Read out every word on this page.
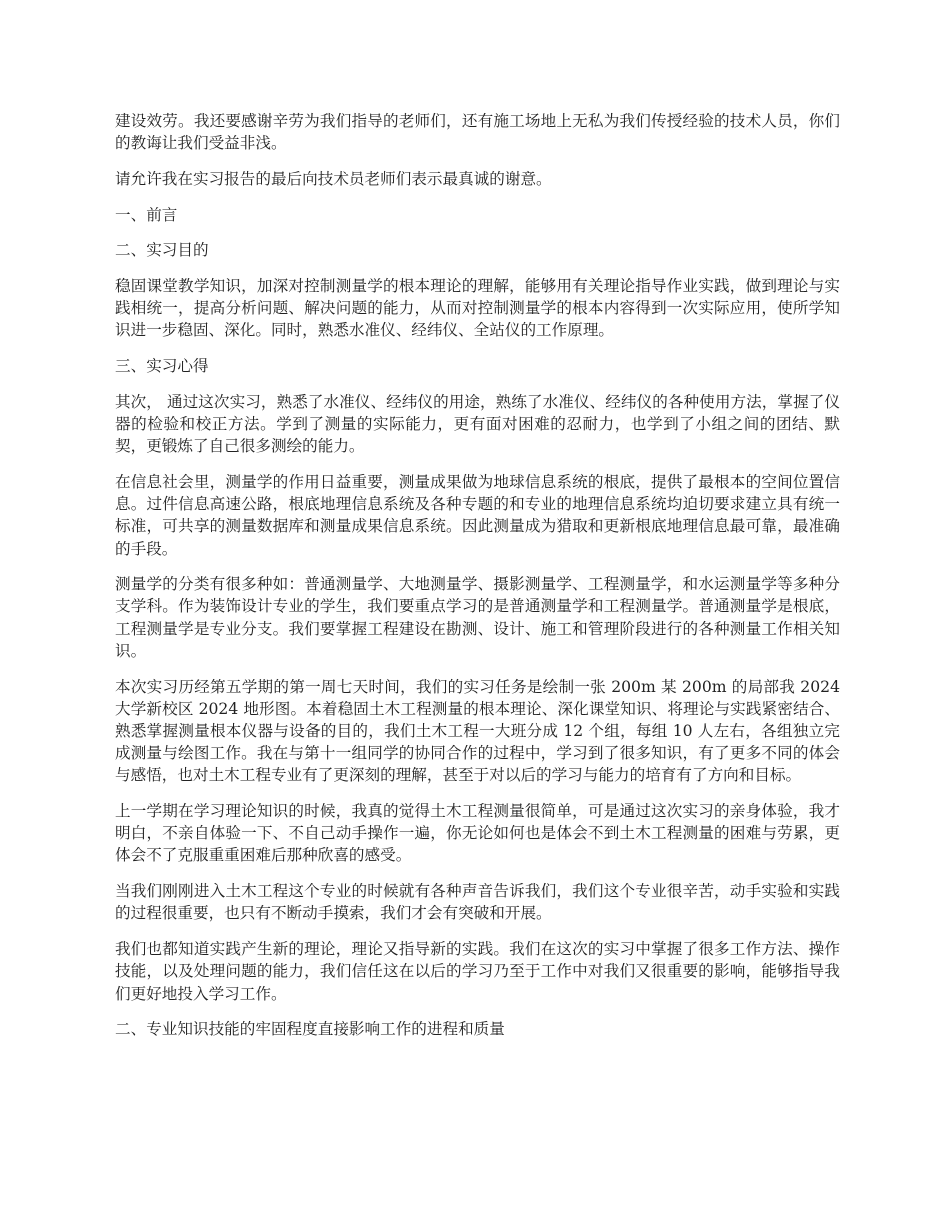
建设效劳。我还要感谢辛劳为我们指导的老师们，还有施工场地上无私为我们传授经验的技术人员，你们的教诲让我们受益非浅。

请允许我在实习报告的最后向技术员老师们表示最真诚的谢意。

一、前言

二、实习目的

稳固课堂教学知识，加深对控制测量学的根本理论的理解，能够用有关理论指导作业实践，做到理论与实践相统一，提高分析问题、解决问题的能力，从而对控制测量学的根本内容得到一次实际应用，使所学知识进一步稳固、深化。同时，熟悉水准仪、经纬仪、全站仪的工作原理。

三、实习心得

其次， 通过这次实习，熟悉了水准仪、经纬仪的用途，熟练了水准仪、经纬仪的各种使用方法，掌握了仪器的检验和校正方法。学到了测量的实际能力，更有面对困难的忍耐力，也学到了小组之间的团结、默契，更锻炼了自己很多测绘的能力。

在信息社会里，测量学的作用日益重要，测量成果做为地球信息系统的根底，提供了最根本的空间位置信息。过件信息高速公路，根底地理信息系统及各种专题的和专业的地理信息系统均迫切要求建立具有统一标准，可共享的测量数据库和测量成果信息系统。因此测量成为猎取和更新根底地理信息最可靠，最准确的手段。

测量学的分类有很多种如：普通测量学、大地测量学、摄影测量学、工程测量学，和水运测量学等多种分支学科。作为装饰设计专业的学生，我们要重点学习的是普通测量学和工程测量学。普通测量学是根底，工程测量学是专业分支。我们要掌握工程建设在勘测、设计、施工和管理阶段进行的各种测量工作相关知识。

本次实习历经第五学期的第一周七天时间，我们的实习任务是绘制一张 200m 某 200m 的局部我 2024 大学新校区 2024 地形图。本着稳固土木工程测量的根本理论、深化课堂知识、将理论与实践紧密结合、熟悉掌握测量根本仪器与设备的目的，我们土木工程一大班分成 12 个组，每组 10 人左右，各组独立完成测量与绘图工作。我在与第十一组同学的协同合作的过程中，学习到了很多知识，有了更多不同的体会与感悟，也对土木工程专业有了更深刻的理解，甚至于对以后的学习与能力的培育有了方向和目标。

上一学期在学习理论知识的时候，我真的觉得土木工程测量很简单，可是通过这次实习的亲身体验，我才明白，不亲自体验一下、不自己动手操作一遍，你无论如何也是体会不到土木工程测量的困难与劳累，更体会不了克服重重困难后那种欣喜的感受。

当我们刚刚进入土木工程这个专业的时候就有各种声音告诉我们，我们这个专业很辛苦，动手实验和实践的过程很重要，也只有不断动手摸索，我们才会有突破和开展。

我们也都知道实践产生新的理论，理论又指导新的实践。我们在这次的实习中掌握了很多工作方法、操作技能，以及处理问题的能力，我们信任这在以后的学习乃至于工作中对我们又很重要的影响，能够指导我们更好地投入学习工作。

二、专业知识技能的牢固程度直接影响工作的进程和质量
